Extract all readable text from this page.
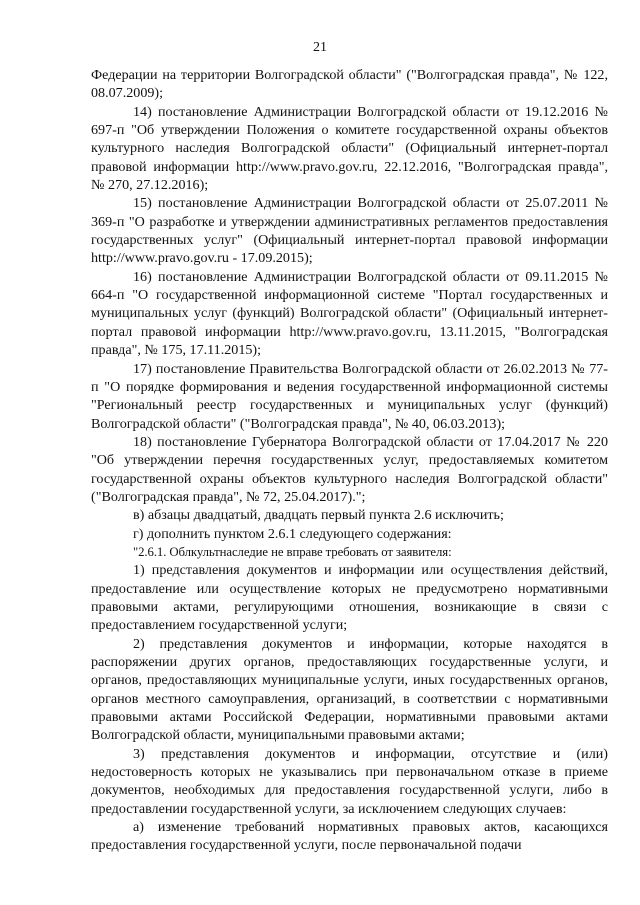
21

Федерации на территории Волгоградской области" ("Волгоградская правда", № 122, 08.07.2009);

14) постановление Администрации Волгоградской области от 19.12.2016 № 697-п "Об утверждении Положения о комитете государственной охраны объектов культурного наследия Волгоградской области" (Официальный интернет-портал правовой информации http://www.pravo.gov.ru, 22.12.2016, "Волгоградская правда", № 270, 27.12.2016);

15) постановление Администрации Волгоградской области от 25.07.2011 № 369-п "О разработке и утверждении административных регламентов предоставления государственных услуг" (Официальный интернет-портал правовой информации http://www.pravo.gov.ru - 17.09.2015);

16) постановление Администрации Волгоградской области от 09.11.2015 № 664-п "О государственной информационной системе "Портал государственных и муниципальных услуг (функций) Волгоградской области" (Официальный интернет-портал правовой информации http://www.pravo.gov.ru, 13.11.2015, "Волгоградская правда", № 175, 17.11.2015);

17) постановление Правительства Волгоградской области от 26.02.2013 № 77-п "О порядке формирования и ведения государственной информационной системы "Региональный реестр государственных и муниципальных услуг (функций) Волгоградской области" ("Волгоградская правда", № 40, 06.03.2013);

18) постановление Губернатора Волгоградской области от 17.04.2017 № 220 "Об утверждении перечня государственных услуг, предоставляемых комитетом государственной охраны объектов культурного наследия Волгоградской области" ("Волгоградская правда", № 72, 25.04.2017).";

в) абзацы двадцатый, двадцать первый пункта 2.6 исключить;

г) дополнить пунктом 2.6.1 следующего содержания:

"2.6.1. Облкультнаследие не вправе требовать от заявителя:

1) представления документов и информации или осуществления действий, предоставление или осуществление которых не предусмотрено нормативными правовыми актами, регулирующими отношения, возникающие в связи с предоставлением государственной услуги;

2) представления документов и информации, которые находятся в распоряжении других органов, предоставляющих государственные услуги, и органов, предоставляющих муниципальные услуги, иных государственных органов, органов местного самоуправления, организаций, в соответствии с нормативными правовыми актами Российской Федерации, нормативными правовыми актами Волгоградской области, муниципальными правовыми актами;

3) представления документов и информации, отсутствие и (или) недостоверность которых не указывались при первоначальном отказе в приеме документов, необходимых для предоставления государственной услуги, либо в предоставлении государственной услуги, за исключением следующих случаев:

а) изменение требований нормативных правовых актов, касающихся предоставления государственной услуги, после первоначальной подачи
